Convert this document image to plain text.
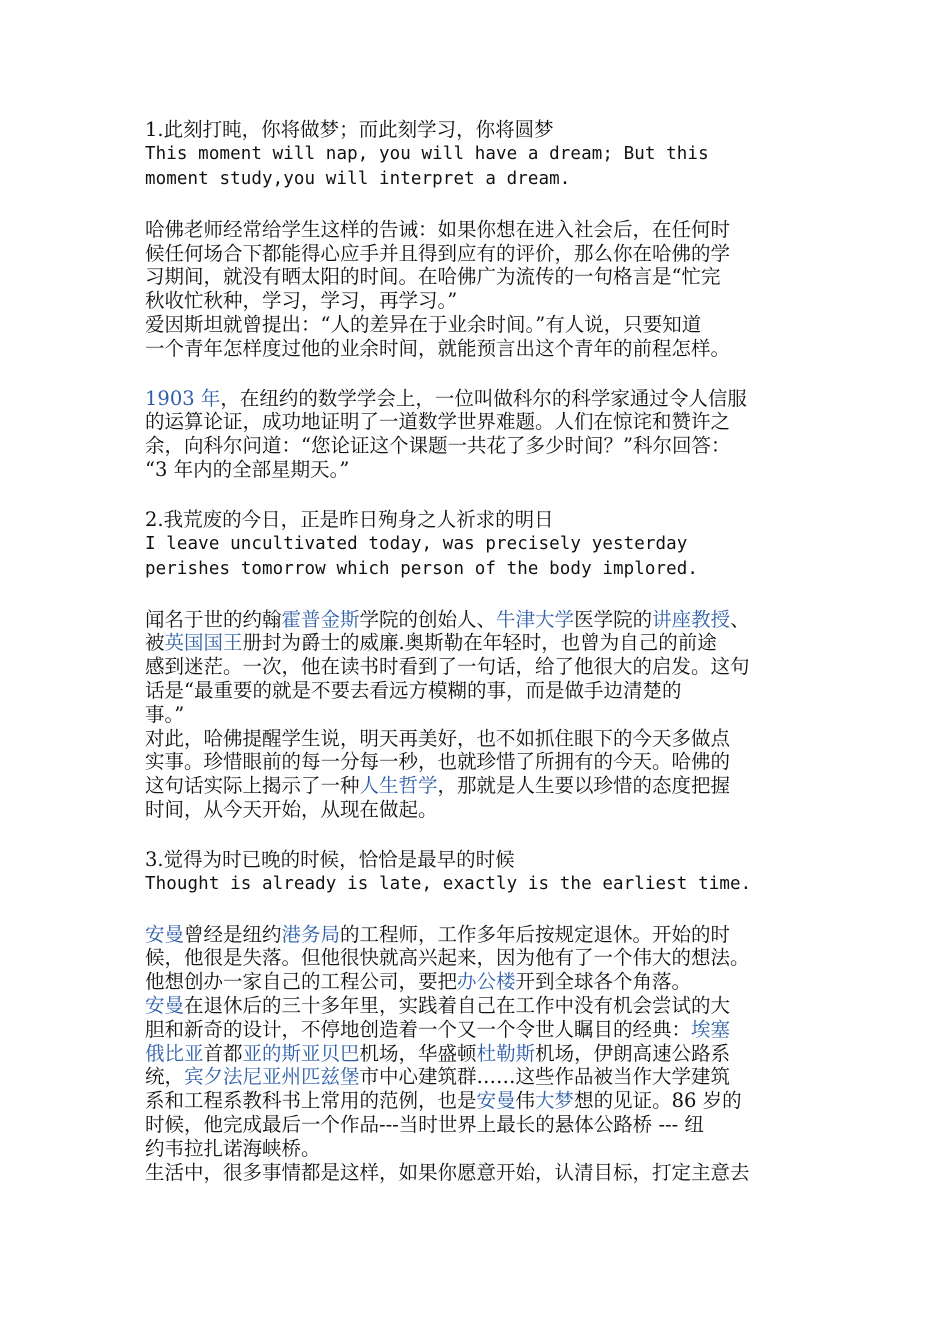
1.此刻打盹，你将做梦；而此刻学习，你将圆梦

This moment will nap, you will have a dream; But this

moment study,you will interpret a dream.

哈佛老师经常给学生这样的告诫：如果你想在进入社会后，在任何时

候任何场合下都能得心应手并且得到应有的评价，那么你在哈佛的学

习期间，就没有晒太阳的时间。在哈佛广为流传的一句格言是“忙完

秋收忙秋种，学习，学习，再学习。”

爱因斯坦就曾提出：“人的差异在于业余时间。”有人说，只要知道

一个青年怎样度过他的业余时间，就能预言出这个青年的前程怎样。

1903 年，在纽约的数学学会上，一位叫做科尔的科学家通过令人信服

的运算论证，成功地证明了一道数学世界难题。人们在惊诧和赞许之

余，向科尔问道：“您论证这个课题一共花了多少时间？”科尔回答：

“3 年内的全部星期天。”

2.我荒废的今日，正是昨日殉身之人祈求的明日

I leave uncultivated today, was precisely yesterday

perishes tomorrow which person of the body implored.

闻名于世的约翰霍普金斯学院的创始人、牛津大学医学院的讲座教授、

被英国国王册封为爵士的威廉.奥斯勒在年轻时，也曾为自己的前途

感到迷茫。一次，他在读书时看到了一句话，给了他很大的启发。这句

话是“最重要的就是不要去看远方模糊的事，而是做手边清楚的

事。”

对此，哈佛提醒学生说，明天再美好，也不如抓住眼下的今天多做点

实事。珍惜眼前的每一分每一秒，也就珍惜了所拥有的今天。哈佛的

这句话实际上揭示了一种人生哲学，那就是人生要以珍惜的态度把握

时间，从今天开始，从现在做起。

3.觉得为时已晚的时候，恰恰是最早的时候

Thought is already is late, exactly is the earliest time.

安曼曾经是纽约港务局的工程师，工作多年后按规定退休。开始的时

候，他很是失落。但他很快就高兴起来，因为他有了一个伟大的想法。

他想创办一家自己的工程公司，要把办公楼开到全球各个角落。

安曼在退休后的三十多年里，实践着自己在工作中没有机会尝试的大

胆和新奇的设计，不停地创造着一个又一个令世人瞩目的经典：埃塞

俄比亚首都亚的斯亚贝巴机场，华盛顿杜勒斯机场，伊朗高速公路系

统，宾夕法尼亚州匹兹堡市中心建筑群……这些作品被当作大学建筑

系和工程系教科书上常用的范例，也是安曼伟大梦想的见证。86 岁的

时候，他完成最后一个作品---当时世界上最长的悬体公路桥 --- 纽

约韦拉扎诺海峡桥。

生活中，很多事情都是这样，如果你愿意开始，认清目标，打定主意去
